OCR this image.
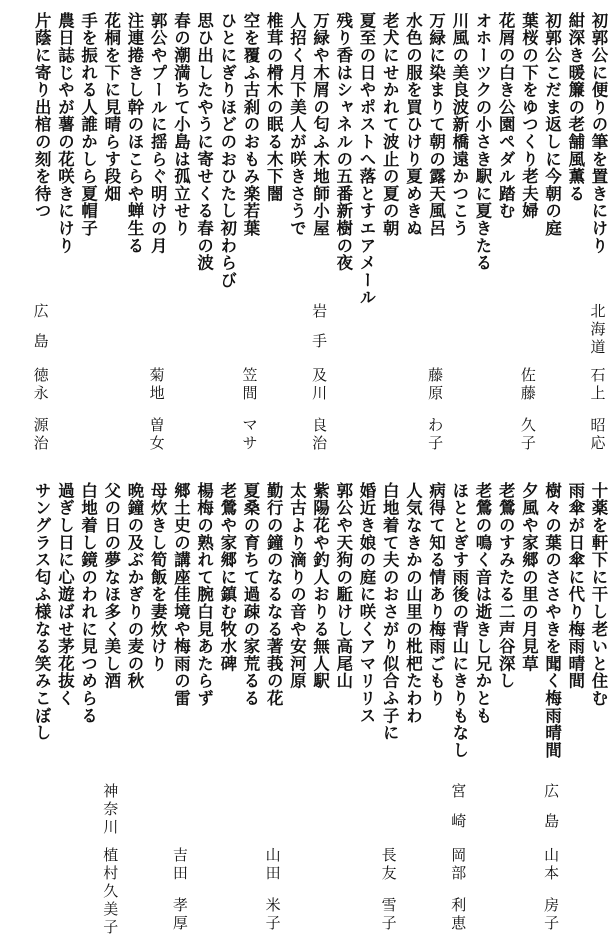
初郭公に便りの筆を置きにけり
紺深き暖簾の老舗風薫る
初郭公こだま返しに今朝の庭
葉桜の下をゆつくり老夫婦
花屑の白き公園ペダル踏む
オホーツクの小さき駅に夏きたる
川風の美良波新橋遠かつこう
万緑に染まりて朝の露天風呂
水色の服を買ひけり夏めきぬ
老犬にせかれて波止の夏の朝
夏至の日やポストへ落とすエアメール
残り香はシャネルの五番新樹の夜
万緑や木屑の匂ふ木地師小屋
人招く月下美人が咲きさうで
椎茸の榾木の眠る木下闇
空を覆ふ古刹のおもみ楽若葉
ひとにぎりほどのおひたし初わらび
思ひ出したやうに寄せくる春の波
春の潮満ちて小島は孤立せり
郭公やプールに揺らぐ明けの月
注連捲きし幹のほこらや蝉生る
花桐を下に見晴らす段畑
手を振れる人誰かしら夏帽子
農日誌じやが薯の花咲きにけり
片蔭に寄り出棺の刻を待つ
北
海
道
石
上
昭
応
佐
藤
久
子
藤
原
わ
子
岩
手
及
川
良
治
笠
間
マ
サ
菊
地
曽
女
広
島
徳
永
源
治
十薬を軒下に干し老いと住む
雨傘が日傘に代り梅雨晴間
樹々の葉のささやきを聞く梅雨晴間
夕風や家郷の里の月見草
老鶯のすみたる二声谷深し
老鶯の鳴く音は逝きし兄かとも
ほととぎす雨後の背山にきりもなし
病得て知る情あり梅雨ごもり
人気なきかの山里の枇杷たわわ
白地着て夫のおさがり似合ふ子に
婚近き娘の庭に咲くアマリリス
郭公や天狗の駈けし高尾山
紫陽花や釣人おりる無人駅
太古より滴りの音や安河原
勤行の鐘のなるなる著莪の花
夏桑の育ちて過疎の家荒るる
老鶯や家郷に鎮む牧水碑
楊梅の熟れて腕白見あたらず
郷土史の講座佳境や梅雨の雷
母炊きし筍飯を妻炊けり
晩鐘の及ぶかぎりの麦の秋
父の日の夢なほ多く美し酒
白地着し鏡のわれに見つめらる
過ぎし日に心遊ばせ茅花抜く
サングラス匂ふ様なる笑みこぼし
広
島
山
本
房
子
宮
崎
岡
部
利
恵
長
友
雪
子
山
田
米
子
吉
田
孝
厚
神
奈
川
植
村
久
美
子
